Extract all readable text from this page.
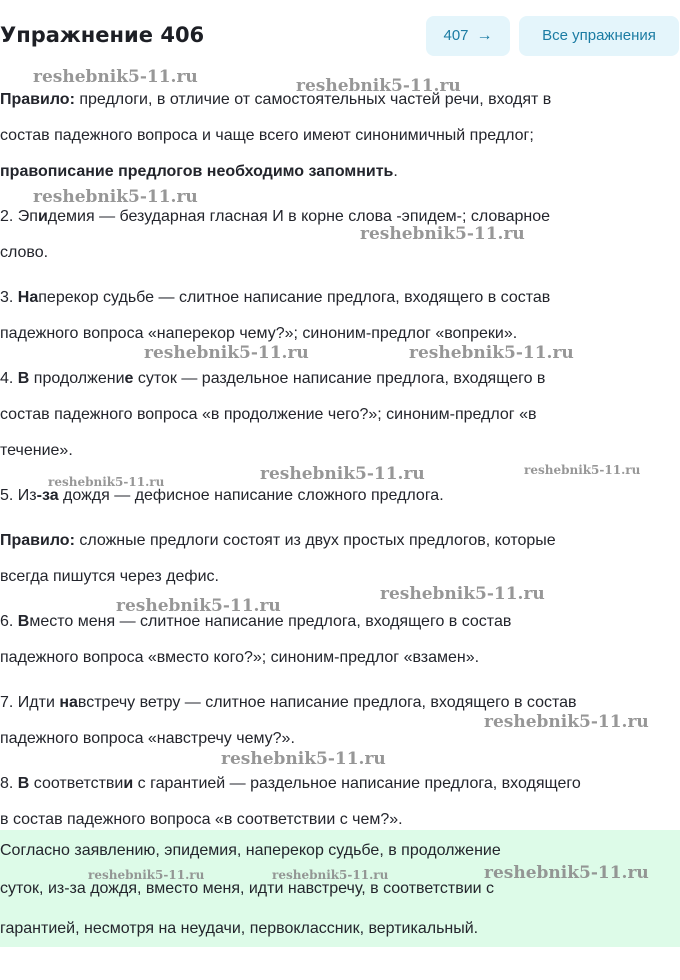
Упражнение 406	407 →	Все упражнения
Правило: предлоги, в отличие от самостоятельных частей речи, входят в
состав падежного вопроса и чаще всего имеют синонимичный предлог;
правописание предлогов необходимо запомнить.
2. Эпидемия — безударная гласная И в корне слова -эпидем-; словарное
слово.
3. Наперекор судьбе — слитное написание предлога, входящего в состав
падежного вопроса «наперекор чему?»; синоним-предлог «вопреки».
4. В продолжение суток — раздельное написание предлога, входящего в
состав падежного вопроса «в продолжение чего?»; синоним-предлог «в
течение».
5. Из-за дождя — дефисное написание сложного предлога.
Правило: сложные предлоги состоят из двух простых предлогов, которые
всегда пишутся через дефис.
6. Вместо меня — слитное написание предлога, входящего в состав
падежного вопроса «вместо кого?»; синоним-предлог «взамен».
7. Идти навстречу ветру — слитное написание предлога, входящего в состав
падежного вопроса «навстречу чему?».
8. В соответствии с гарантией — раздельное написание предлога, входящего
в состав падежного вопроса «в соответствии с чем?».
Согласно заявлению, эпидемия, наперекор судьбе, в продолжение
суток, из-за дождя, вместо меня, идти навстречу, в соответствии с
гарантией, несмотря на неудачи, первоклассник, вертикальный.
reshebnik5-11.ru	reshebnik5-11.ru
reshebnik5-11.ru
reshebnik5-11.ru
reshebnik5-11.ru	reshebnik5-11.ru
reshebnik5-11.ru	reshebnik5-11.ru	reshebnik5-11.ru
reshebnik5-11.ru
reshebnik5-11.ru
reshebnik5-11.ru
reshebnik5-11.ru
reshebnik5-11.ru	reshebnik5-11.ru	reshebnik5-11.ru
